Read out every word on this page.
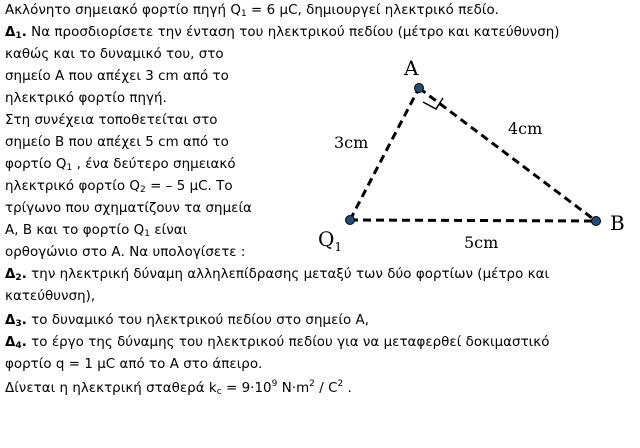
Ακλόνητο σημειακό φορτίο πηγή $Q_1 = 6$ μC, δημιουργεί ηλεκτρικό πεδίο.
$\Delta_1$. Να προσδιορίσετε την ένταση του ηλεκτρικού πεδίου (μέτρο και κατεύθυνση)
καθώς και το δυναμικό του, στο
σημείο Α που απέχει 3 cm από το
ηλεκτρικό φορτίο πηγή.
Στη συνέχεια τοποθετείται στο
σημείο Β που απέχει 5 cm από το
φορτίο $Q_1$ , ένα δεύτερο σημειακό
ηλεκτρικό φορτίο $Q_2$ = – 5 μC. Το
τρίγωνο που σχηματίζουν τα σημεία
Α, Β και το φορτίο $Q_1$ είναι
ορθογώνιο στο Α. Να υπολογίσετε :
$\Delta_2$. την ηλεκτρική δύναμη αλληλεπίδρασης μεταξύ των δύο φορτίων (μέτρο και
κατεύθυνση),
$\Delta_3$. το δυναμικό του ηλεκτρικού πεδίου στο σημείο Α,
$\Delta_4$. το έργο της δύναμης του ηλεκτρικού πεδίου για να μεταφερθεί δοκιμαστικό
φορτίο q = 1 μC από το Α στο άπειρο.
Δίνεται η ηλεκτρική σταθερά $k_c = 9\cdot 10^9$ $N\cdot m^2 / C^2$ .
A
B
$Q_1$
3cm
4cm
5cm
